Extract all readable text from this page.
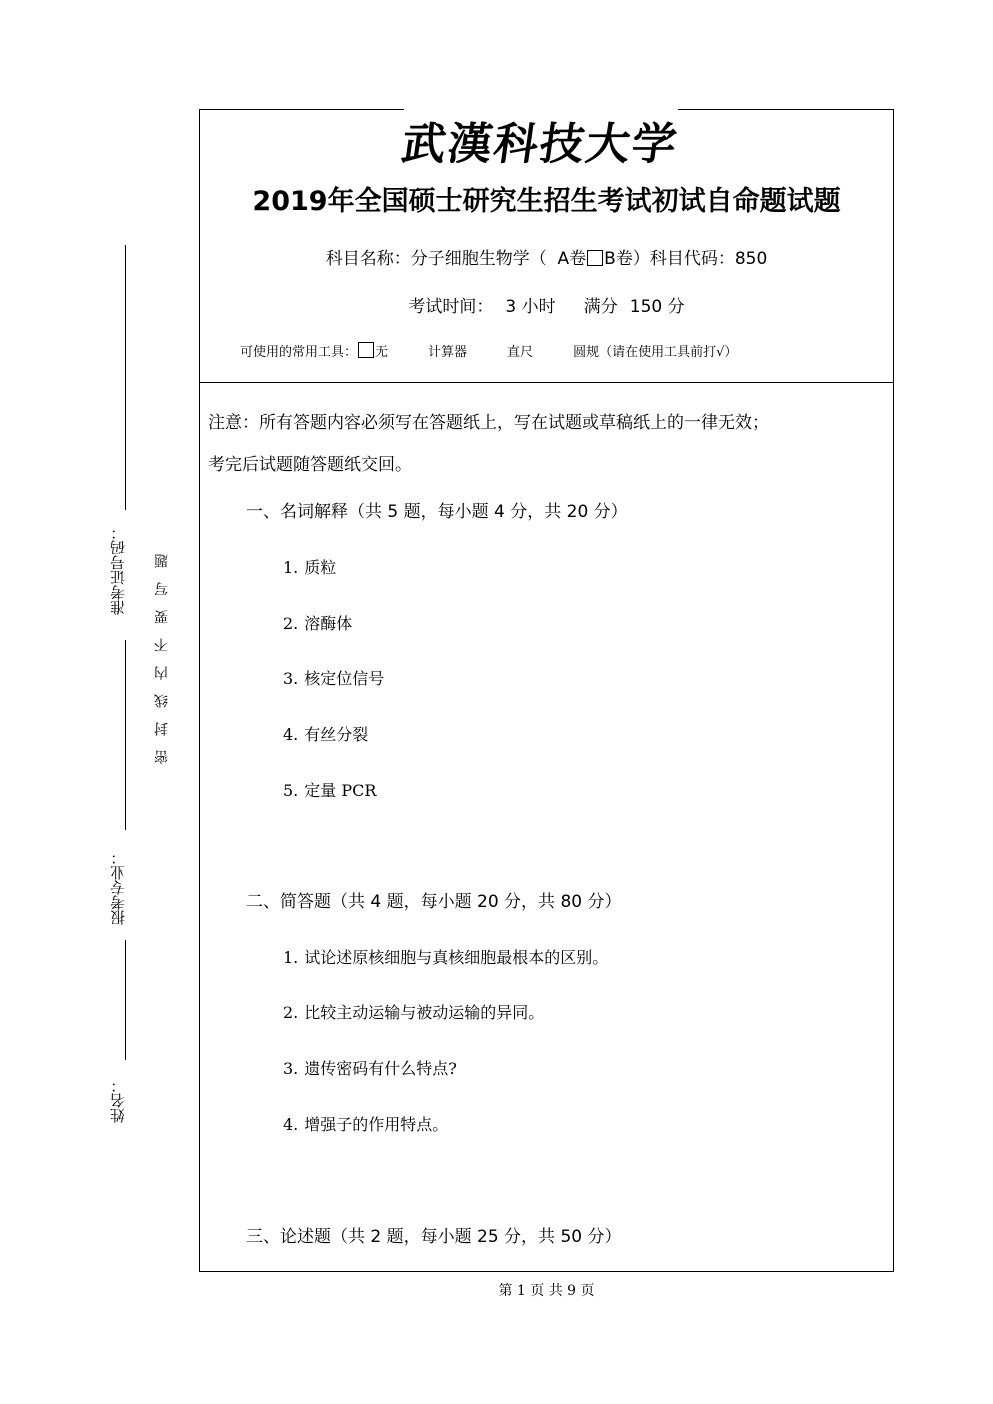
准考证号码：
报考专业：
姓名：
密封线内不要写题
武漢科技大学
2019年全国硕士研究生招生考试初试自命题试题
科目名称：分子细胞生物学（ A卷 B卷）科目代码：850
考试时间： 3 小时 满分 150 分
可使用的常用工具： 无	计算器	直尺	圆规（请在使用工具前打√）
注意：所有答题内容必须写在答题纸上，写在试题或草稿纸上的一律无效；
考完后试题随答题纸交回。
一、名词解释（共 5 题，每小题 4 分，共 20 分）
1. 质粒
2. 溶酶体
3. 核定位信号
4. 有丝分裂
5. 定量 PCR
二、简答题（共 4 题，每小题 20 分，共 80 分）
1. 试论述原核细胞与真核细胞最根本的区别。
2. 比较主动运输与被动运输的异同。
3. 遗传密码有什么特点?
4. 增强子的作用特点。
三、论述题（共 2 题，每小题 25 分，共 50 分）
第 1 页 共 9 页
